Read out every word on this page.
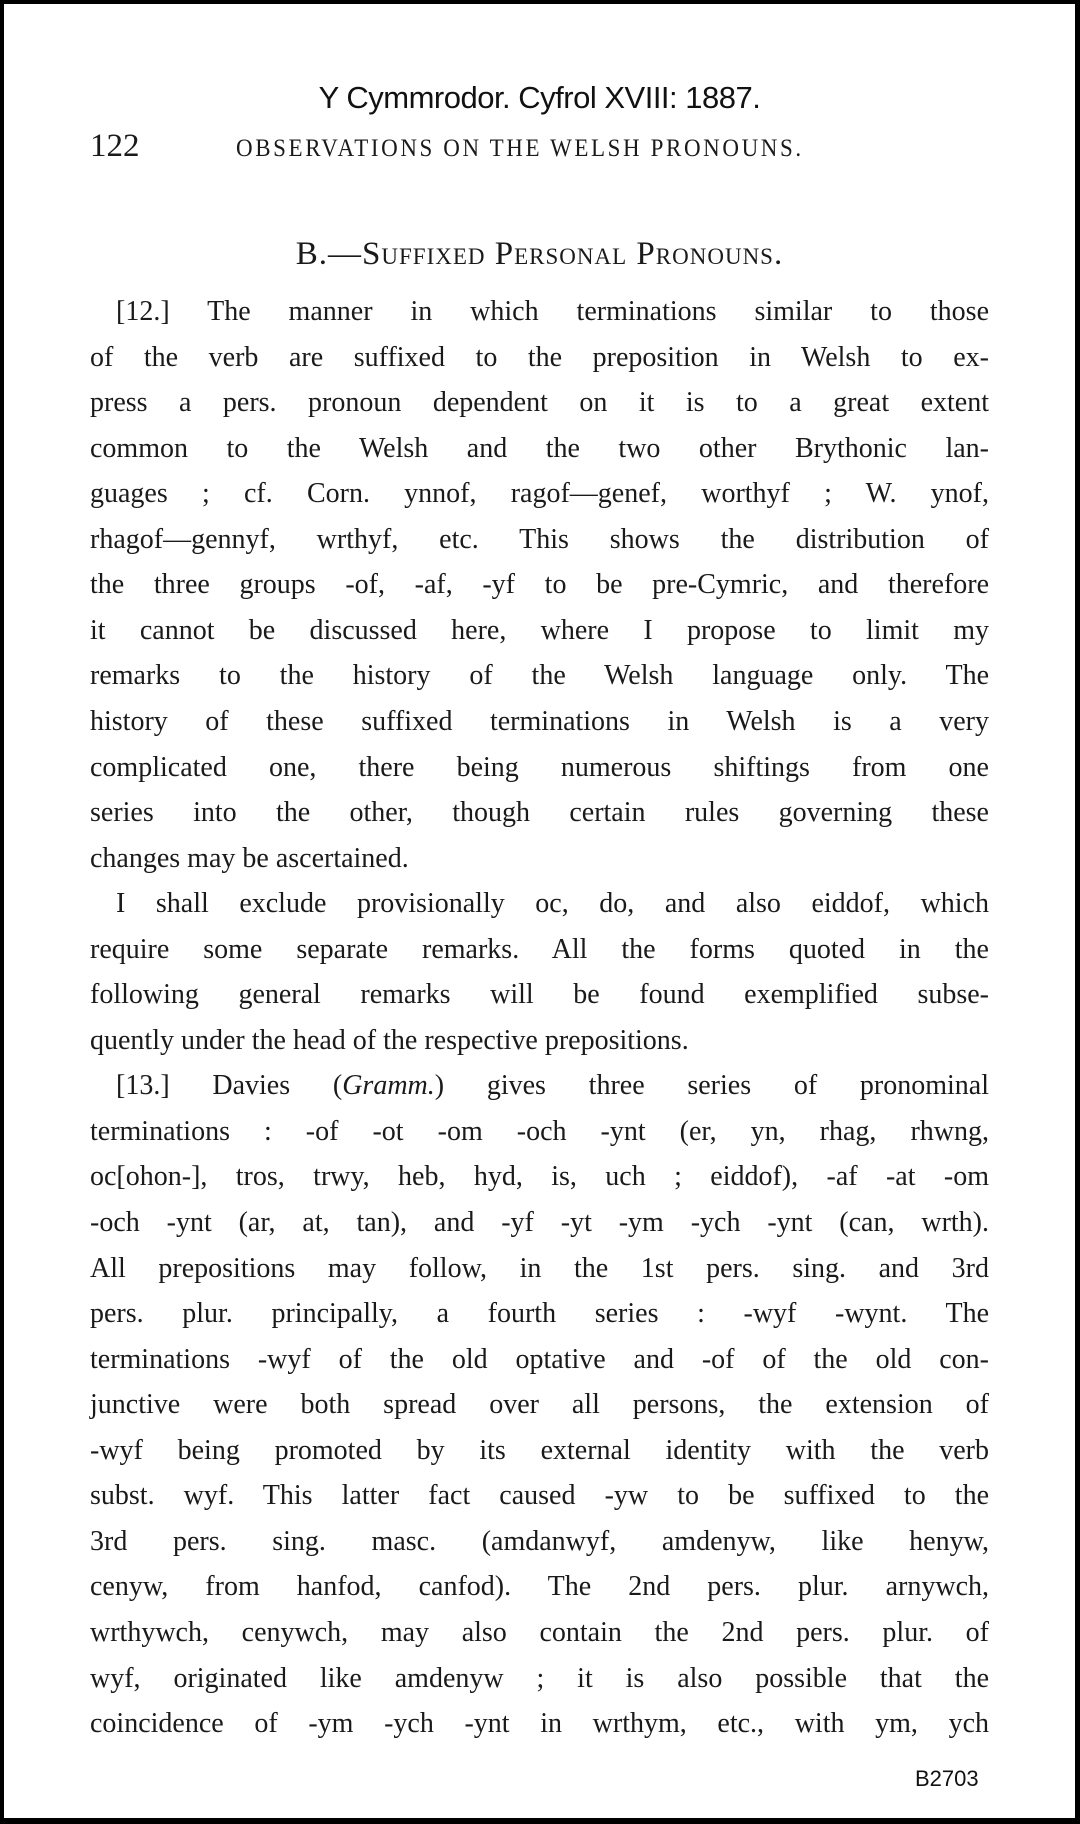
Y Cymmrodor. Cyfrol XVIII: 1887.
122	OBSERVATIONS ON THE WELSH PRONOUNS.
B.—Suffixed Personal Pronouns.
[12.] The manner in which terminations similar to those
of the verb are suffixed to the preposition in Welsh to ex-
press a pers. pronoun dependent on it is to a great extent
common to the Welsh and the two other Brythonic lan-
guages ; cf. Corn. ynnof, ragof—genef, worthyf ; W. ynof,
rhagof—gennyf, wrthyf, etc. This shows the distribution of
the three groups -of, -af, -yf to be pre-Cymric, and therefore
it cannot be discussed here, where I propose to limit my
remarks to the history of the Welsh language only. The
history of these suffixed terminations in Welsh is a very
complicated one, there being numerous shiftings from one
series into the other, though certain rules governing these
changes may be ascertained.
I shall exclude provisionally oc, do, and also eiddof, which
require some separate remarks. All the forms quoted in the
following general remarks will be found exemplified subse-
quently under the head of the respective prepositions.
[13.] Davies (Gramm.) gives three series of pronominal
terminations : -of -ot -om -och -ynt (er, yn, rhag, rhwng,
oc[ohon-], tros, trwy, heb, hyd, is, uch ; eiddof), -af -at -om
-och -ynt (ar, at, tan), and -yf -yt -ym -ych -ynt (can, wrth).
All prepositions may follow, in the 1st pers. sing. and 3rd
pers. plur. principally, a fourth series : -wyf -wynt. The
terminations -wyf of the old optative and -of of the old con-
junctive were both spread over all persons, the extension of
-wyf being promoted by its external identity with the verb
subst. wyf. This latter fact caused -yw to be suffixed to the
3rd pers. sing. masc. (amdanwyf, amdenyw, like henyw,
cenyw, from hanfod, canfod). The 2nd pers. plur. arnywch,
wrthywch, cenywch, may also contain the 2nd pers. plur. of
wyf, originated like amdenyw ; it is also possible that the
coincidence of -ym -ych -ynt in wrthym, etc., with ym, ych
B2703
